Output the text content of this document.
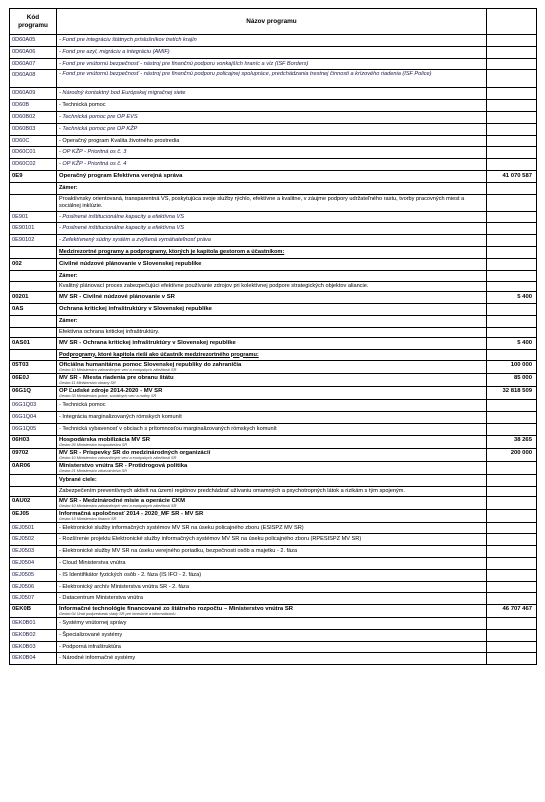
Kód programu	Názov programu	
0D60A05	- Fond pre integráciu štátnych príslušníkov tretích krajín	
0D60A06	- Fond pre azyl, migráciu a integráciu (AMIF)	
0D60A07	- Fond pre vnútornú bezpečnosť - nástroj pre finančnú podporu vonkajších hraníc a víz (ISF Borders)	
0D60A08	- Fond pre vnútornú bezpečnosť - nástroj pre finančnú podporu policajnej spolupráce, predchádzania trestnej činnosti a krízového riadenia (ISF Police)	
0D60A09	- Národný kontaktný bod Európskej migračnej siete	
0D60B	- Technická pomoc	
0D60B02	- Technická pomoc pre OP EVS	
0D60B03	- Technická pomoc pre OP KŽP	
0D60C	- Operačný program Kvalita životného prostredia	
0D60C01	- OP KŽP - Prioritná os č. 3	
0D60C02	- OP KŽP - Prioritná os č. 4	
0E9	Operačný program Efektívna verejná správa	41 070 587
	Zámer:	
	Proaktívnsky orientovaná, transparentná VS, poskytujúca svoje služby rýchlo, efektívne a kvalitne, v záujme podpory udržateľného rastu, tvorby pracovných miest a sociálnej inklúzie.	
0E901	- Posilnené inštitucionálne kapacity a efektívna VS	
0E90101	- Posilnené inštitucionálne kapacity a efektívna VS	
0E90102	- Zefektívnený súdny systém a zvýšená vymáhateľnosť práva	
	Medzirezortné programy a podprogramy, ktorých je kapitola gestorom a účastníkom:	
002	Civilné núdzové plánovanie v Slovenskej republike	
	Zámer:	
	Kvalitný plánovací proces zabezpečujúci efektívne používanie zdrojov pri kolektívnej podpore strategických objektov aliancie.	
00201	MV SR - Civilné núdzové plánovanie v SR	5 400
0AS	Ochrana kritickej infraštruktúry v Slovenskej republike	
	Zámer:	
	Efektívna ochrana kritickej infraštruktúry.	
0AS01	MV SR - Ochrana kritickej infraštruktúry v Slovenskej republike	5 400
	Podprogramy, ktoré kapitola rieši ako účastník medzirezortného programu:	
05T03	Oficiálna humanitárna pomoc Slovenskej republiky do zahraničia
Gestor:10 Ministerstvo zahraničných vecí a európskych záležitostí SR	100 000
06E0J	MV SR - Miesta riadenia pre obranu štátu
Gestor:11 Ministerstvo obrany SR	85 000
06G1Q	OP Ľudské zdroje 2014-2020 - MV SR
Gestor:33 Ministerstvo práce, sociálnych vecí a rodiny SR	32 818 509
06G1Q03	- Technická pomoc	
06G1Q04	- Integrácia marginalizovaných rómskych komunít	
06G1Q05	- Technická vybavenosť v obciach s prítomnosťou marginalizovaných rómskych komunít	
06H03	Hospodárska mobilizácia MV SR
Gestor:26 Ministerstvo hospodárstva SR	38 265
09702	MV SR - Príspevky SR do medzinárodných organizácií
Gestor:10 Ministerstvo zahraničných vecí a európskych záležitostí SR	200 000
0AR06	Ministerstvo vnútra SR - Protidrogová politika
Gestor:21 Ministerstvo zdravotníctva SR	

	Vybrané ciele:	
	Zabezpečením preventívnych aktivít na území regiónov predchádzať užívaniu omamných a psychotropných látok a rizikám s tým spojeným.	
0AU02	MV SR - Medzinárodné misie a operácie CKM
Gestor:10 Ministerstvo zahraničných vecí a európskych záležitostí SR	

0EJ05	Informačná spoločnosť 2014 - 2020_MF SR - MV SR
Gestor:15 Ministerstvo financií SR	

0EJ0501	- Elektronické služby informačných systémov MV SR na úseku policajného zboru (ESISPZ MV SR)	
0EJ0502	- Rozšírenie projektu Elektronické služby informačných systémov MV SR na úseku policajného zboru (RPESISPZ MV SR)	
0EJ0503	- Elektronické služby MV SR na úseku verejného poriadku, bezpečnosti osôb a majetku - 2. fáza	
0EJ0504	- Cloud Ministerstva vnútra	
0EJ0505	- IS Identifikátor fyzických osôb - 2. fáza (IS IFO - 2. fáza)	
0EJ0506	- Elektronický archív Ministerstva vnútra SR - 2. fáza	
0EJ0507	- Datacentrum Ministerstva vnútra	
0EK0B	Informačné technológie financované zo štátneho rozpočtu – Ministerstvo vnútra SR
Gestor:04 Úrad podpredsedu vlády SR pre investície a informatizáciu	46 707 467
0EK0B01	- Systémy vnútornej správy	
0EK0B02	- Špecializované systémy	
0EK0B03	- Podporná infraštruktúra	
0EK0B04	- Národné informačné systémy	
